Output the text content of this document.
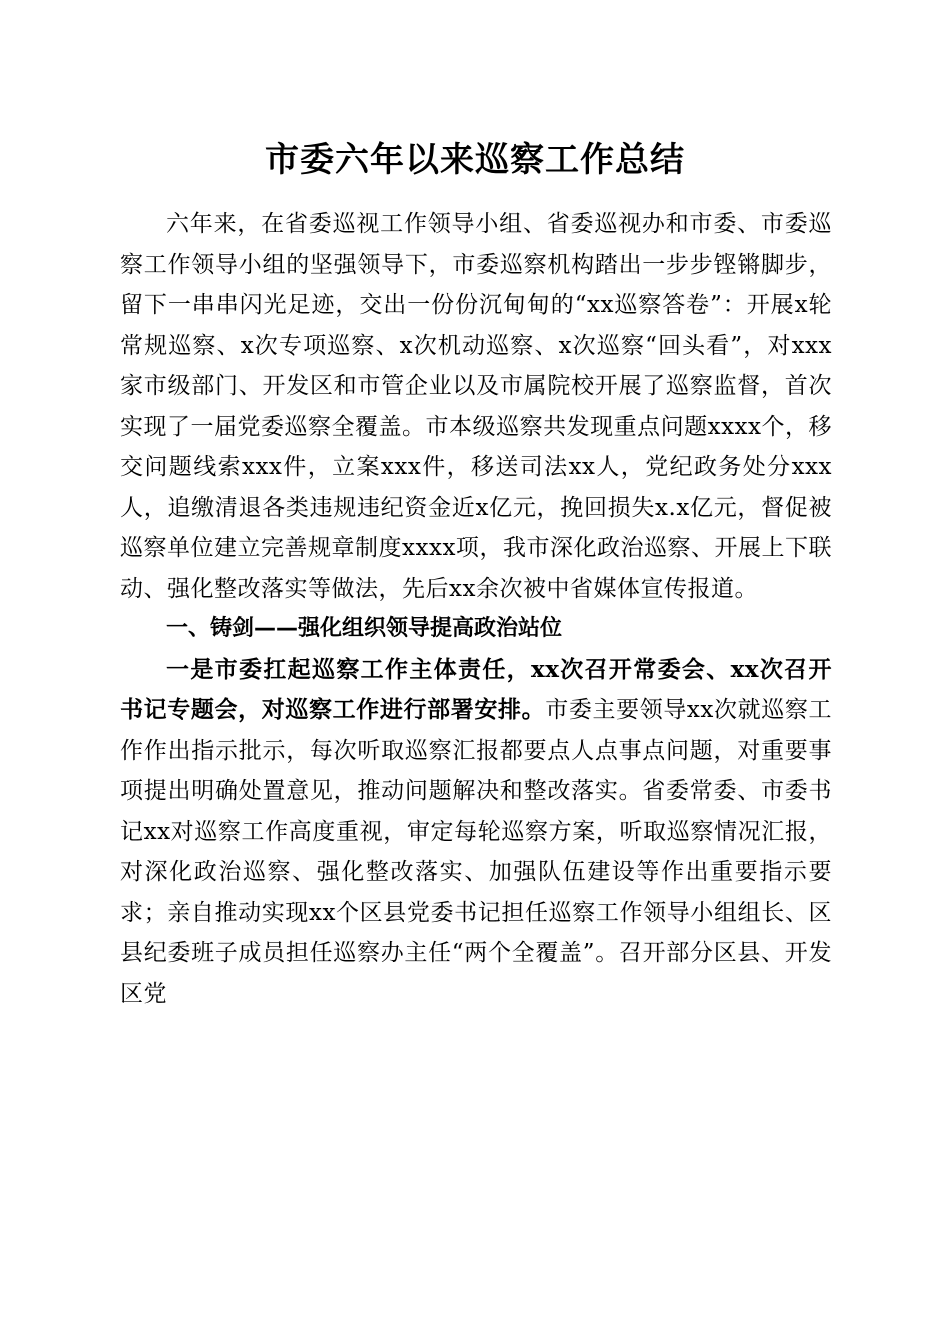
市委六年以来巡察工作总结

六年来，在省委巡视工作领导小组、省委巡视办和市委、市委巡察工作领导小组的坚强领导下，市委巡察机构踏出一步步铿锵脚步，留下一串串闪光足迹，交出一份份沉甸甸的“xx巡察答卷”：开展x轮常规巡察、x次专项巡察、x次机动巡察、x次巡察“回头看”，对xxx家市级部门、开发区和市管企业以及市属院校开展了巡察监督，首次实现了一届党委巡察全覆盖。市本级巡察共发现重点问题xxxx个，移交问题线索xxx件，立案xxx件，移送司法xx人，党纪政务处分xxx人，追缴清退各类违规违纪资金近x亿元，挽回损失x.x亿元，督促被巡察单位建立完善规章制度xxxx项，我市深化政治巡察、开展上下联动、强化整改落实等做法，先后xx余次被中省媒体宣传报道。

一、铸剑——强化组织领导提高政治站位

一是市委扛起巡察工作主体责任，xx次召开常委会、xx次召开书记专题会，对巡察工作进行部署安排。市委主要领导xx次就巡察工作作出指示批示，每次听取巡察汇报都要点人点事点问题，对重要事项提出明确处置意见，推动问题解决和整改落实。省委常委、市委书记xx对巡察工作高度重视，审定每轮巡察方案，听取巡察情况汇报，对深化政治巡察、强化整改落实、加强队伍建设等作出重要指示要求；亲自推动实现xx个区县党委书记担任巡察工作领导小组组长、区县纪委班子成员担任巡察办主任“两个全覆盖”。召开部分区县、开发区党
